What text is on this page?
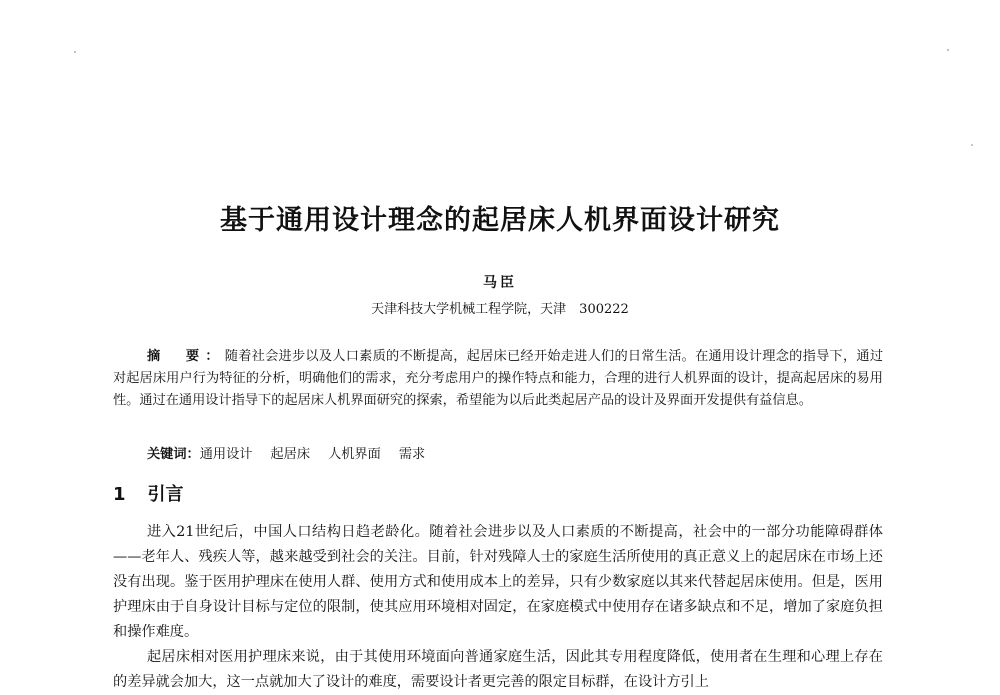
基于通用设计理念的起居床人机界面设计研究
马臣
天津科技大学机械工程学院，天津　300222

摘　要：随着社会进步以及人口素质的不断提高，起居床已经开始走进人们的日常生活。在通用设计理念的指导下，通过对起居床用户行为特征的分析，明确他们的需求，充分考虑用户的操作特点和能力，合理的进行人机界面的设计，提高起居床的易用性。通过在通用设计指导下的起居床人机界面研究的探索，希望能为以后此类起居产品的设计及界面开发提供有益信息。

关键词：通用设计 起居床 人机界面 需求
1 引言

进入21世纪后，中国人口结构日趋老龄化。随着社会进步以及人口素质的不断提高，社会中的一部分功能障碍群体——老年人、残疾人等，越来越受到社会的关注。目前，针对残障人士的家庭生活所使用的真正意义上的起居床在市场上还没有出现。鉴于医用护理床在使用人群、使用方式和使用成本上的差异，只有少数家庭以其来代替起居床使用。但是，医用护理床由于自身设计目标与定位的限制，使其应用环境相对固定，在家庭模式中使用存在诸多缺点和不足，增加了家庭负担和操作难度。

起居床相对医用护理床来说，由于其使用环境面向普通家庭生活，因此其专用程度降低，使用者在生理和心理上存在的差异就会加大，这一点就加大了设计的难度，需要设计者更完善的限定目标群，在设计方引上
